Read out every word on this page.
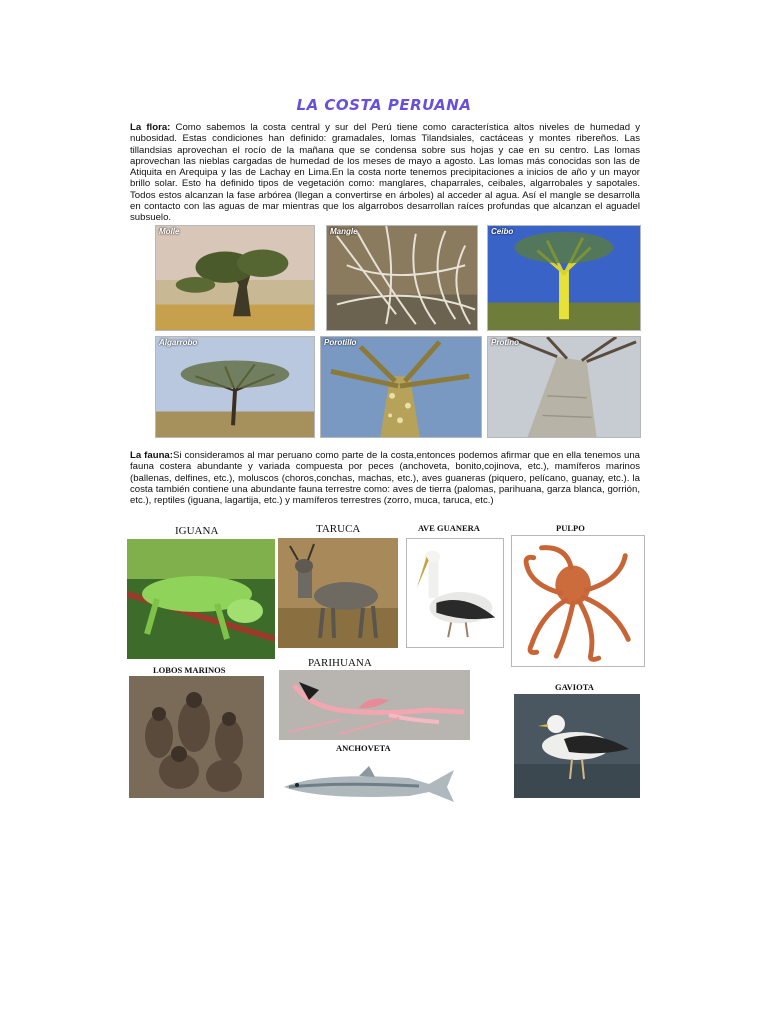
LA COSTA PERUANA
La flora: Como sabemos la costa central y sur del Perú tiene como característica altos niveles de humedad y nubosidad. Estas condiciones han definido: gramadales, lomas Tilandsiales, cactáceas y montes ribereños. Las tillandsias aprovechan el rocío de la mañana que se condensa sobre sus hojas y cae en su centro. Las lomas aprovechan las nieblas cargadas de humedad de los meses de mayo a agosto. Las lomas más conocidas son las de Atiquita en Arequipa y las de Lachay en Lima.En la costa norte tenemos precipitaciones a inicios de año y un mayor brillo solar. Esto ha definido tipos de vegetación como: manglares, chaparrales, ceibales, algarrobales y sapotales. Todos estos alcanzan la fase arbórea (llegan a convertirse en árboles) al acceder al agua. Así el mangle se desarrolla en contacto con las aguas de mar mientras que los algarrobos desarrollan raíces profundas que alcanzan el aguadel subsuelo.
Molle	Mangle	Ceibo
Algarrobo	Porotillo	Protino
La fauna:Si consideramos al mar peruano como parte de la costa,entonces podemos afirmar que en ella tenemos una fauna costera abundante y variada compuesta por peces (anchoveta, bonito,cojinova, etc.), mamíferos marinos (ballenas, delfines, etc.), moluscos (choros,conchas, machas, etc.), aves guaneras (piquero, pelícano, guanay, etc.). la costa también contiene una abundante fauna terrestre como: aves de tierra (palomas, parihuana, garza blanca, gorrión, etc.), reptiles (iguana, lagartija, etc.) y mamíferos terrestres (zorro, muca, taruca, etc.)
IGUANA	TARUCA	AVE GUANERA	PULPO
LOBOS MARINOS
PARIHUANA
ANCHOVETA
GAVIOTA
